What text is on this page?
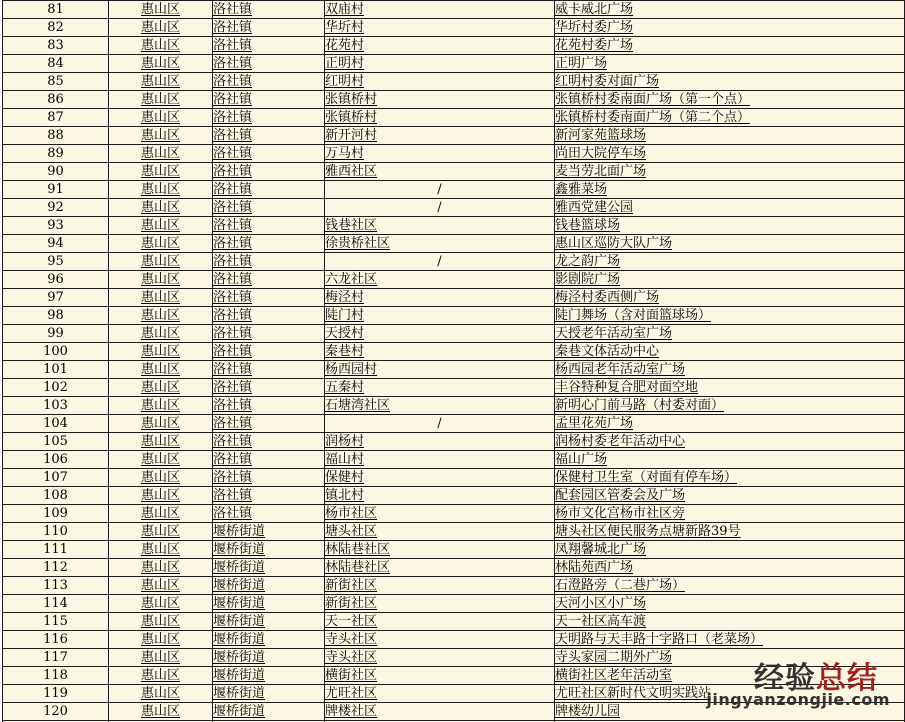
81	惠山区	洛社镇	双庙村	威卡威北广场
82	惠山区	洛社镇	华圻村	华圻村委广场
83	惠山区	洛社镇	花苑村	花苑村委广场
84	惠山区	洛社镇	正明村	正明广场
85	惠山区	洛社镇	红明村	红明村委对面广场
86	惠山区	洛社镇	张镇桥村	张镇桥村委南面广场（第一个点）
87	惠山区	洛社镇	张镇桥村	张镇桥村委南面广场（第二个点）
88	惠山区	洛社镇	新开河村	新河家苑篮球场
89	惠山区	洛社镇	万马村	尚田大院停车场
90	惠山区	洛社镇	雅西社区	麦当劳北面广场
91	惠山区	洛社镇	/	鑫雅菜场
92	惠山区	洛社镇	/	雅西党建公园
93	惠山区	洛社镇	钱巷社区	钱巷篮球场
94	惠山区	洛社镇	徐贵桥社区	惠山区巡防大队广场
95	惠山区	洛社镇	/	龙之韵广场
96	惠山区	洛社镇	六龙社区	影剧院广场
97	惠山区	洛社镇	梅泾村	梅泾村委西侧广场
98	惠山区	洛社镇	陡门村	陡门舞场（含对面篮球场）
99	惠山区	洛社镇	天授村	天授老年活动室广场
100	惠山区	洛社镇	秦巷村	秦巷文体活动中心
101	惠山区	洛社镇	杨西园村	杨西园老年活动室广场
102	惠山区	洛社镇	五秦村	丰谷特种复合肥对面空地
103	惠山区	洛社镇	石塘湾社区	新明心门前马路（村委对面）
104	惠山区	洛社镇	/	孟里花苑广场
105	惠山区	洛社镇	润杨村	润杨村委老年活动中心
106	惠山区	洛社镇	福山村	福山广场
107	惠山区	洛社镇	保健村	保健村卫生室（对面有停车场）
108	惠山区	洛社镇	镇北村	配套园区管委会及广场
109	惠山区	洛社镇	杨市社区	杨市文化宫杨市社区旁
110	惠山区	堰桥街道	塘头社区	塘头社区便民服务点塘新路39号
111	惠山区	堰桥街道	林陆巷社区	凤翔馨城北广场
112	惠山区	堰桥街道	林陆巷社区	林陆苑西广场
113	惠山区	堰桥街道	新街社区	石澄路旁（二巷广场）
114	惠山区	堰桥街道	新街社区	天河小区小广场
115	惠山区	堰桥街道	天一社区	天一社区高车渡
116	惠山区	堰桥街道	寺头社区	天明路与天丰路十字路口（老菜场）
117	惠山区	堰桥街道	寺头社区	寺头家园二期外广场
118	惠山区	堰桥街道	横街社区	横街社区老年活动室
119	惠山区	堰桥街道	尤旺社区	尤旺社区新时代文明实践站
120	惠山区	堰桥街道	牌楼社区	牌楼幼儿园

经验总结
jingyanzongjie.com
